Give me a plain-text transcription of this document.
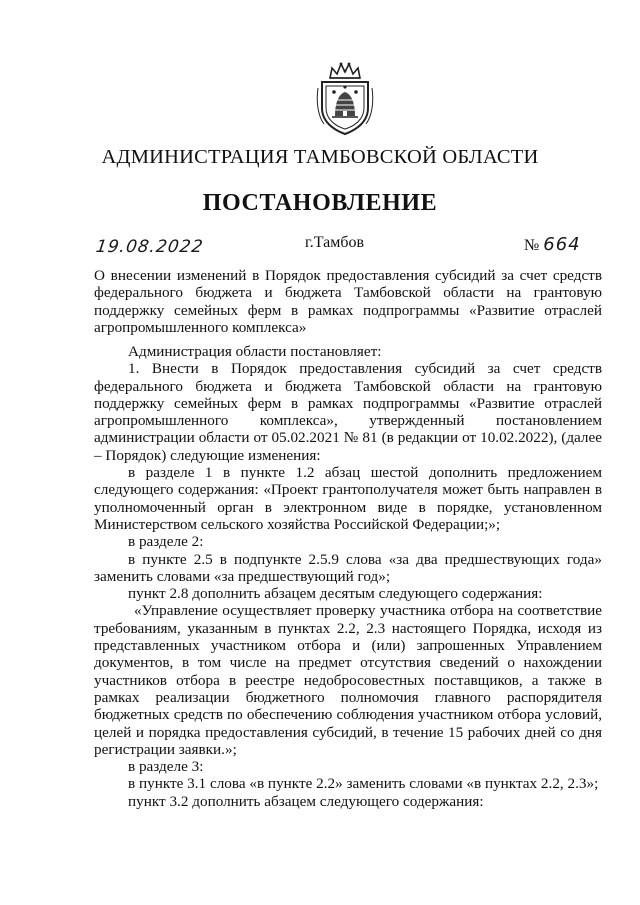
АДМИНИСТРАЦИЯ ТАМБОВСКОЙ ОБЛАСТИ
ПОСТАНОВЛЕНИЕ
19.08.2022	г.Тамбов	№ 664
О внесении изменений в Порядок предоставления субсидий за счет средств федерального бюджета и бюджета Тамбовской области на грантовую поддержку семейных ферм в рамках подпрограммы «Развитие отраслей агропромышленного комплекса»

Администрация области постановляет:

1. Внести в Порядок предоставления субсидий за счет средств федерального бюджета и бюджета Тамбовской области на грантовую поддержку семейных ферм в рамках подпрограммы «Развитие отраслей агропромышленного комплекса», утвержденный постановлением администрации области от 05.02.2021 № 81 (в редакции от 10.02.2022), (далее – Порядок) следующие изменения:

в разделе 1 в пункте 1.2 абзац шестой дополнить предложением следующего содержания: «Проект грантополучателя может быть направлен в уполномоченный орган в электронном виде в порядке, установленном Министерством сельского хозяйства Российской Федерации;»;

в разделе 2:

в пункте 2.5 в подпункте 2.5.9 слова «за два предшествующих года» заменить словами «за предшествующий год»;

пункт 2.8 дополнить абзацем десятым следующего содержания:

«Управление осуществляет проверку участника отбора на соответствие требованиям, указанным в пунктах 2.2, 2.3 настоящего Порядка, исходя из представленных участником отбора и (или) запрошенных Управлением документов, в том числе на предмет отсутствия сведений о нахождении участников отбора в реестре недобросовестных поставщиков, а также в рамках реализации бюджетного полномочия главного распорядителя бюджетных средств по обеспечению соблюдения участником отбора условий, целей и порядка предоставления субсидий, в течение 15 рабочих дней со дня регистрации заявки.»;

в разделе 3:

в пункте 3.1 слова «в пункте 2.2» заменить словами «в пунктах 2.2, 2.3»;

пункт 3.2 дополнить абзацем следующего содержания:
